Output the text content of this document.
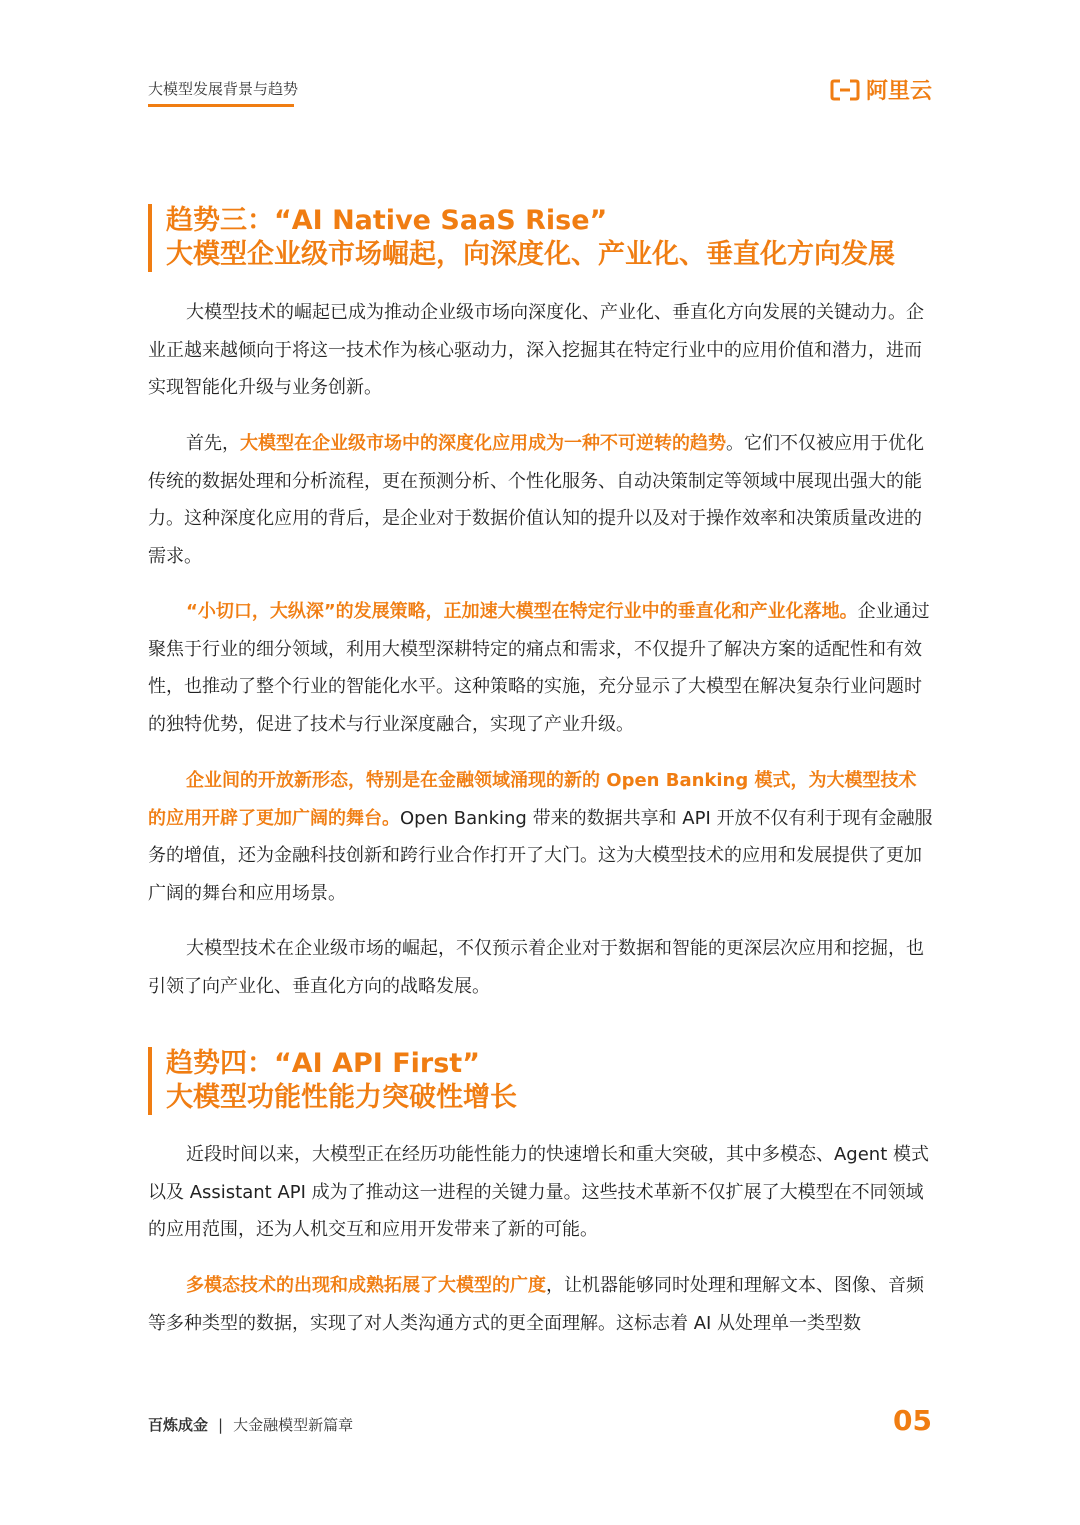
大模型发展背景与趋势	阿里云
趋势三：“AI Native SaaS Rise”
大模型企业级市场崛起，向深度化、产业化、垂直化方向发展

大模型技术的崛起已成为推动企业级市场向深度化、产业化、垂直化方向发展的关键动力。企业正越来越倾向于将这一技术作为核心驱动力，深入挖掘其在特定行业中的应用价值和潜力，进而实现智能化升级与业务创新。

首先，大模型在企业级市场中的深度化应用成为一种不可逆转的趋势。它们不仅被应用于优化传统的数据处理和分析流程，更在预测分析、个性化服务、自动决策制定等领域中展现出强大的能力。这种深度化应用的背后，是企业对于数据价值认知的提升以及对于操作效率和决策质量改进的需求。

“小切口，大纵深”的发展策略，正加速大模型在特定行业中的垂直化和产业化落地。企业通过聚焦于行业的细分领域，利用大模型深耕特定的痛点和需求，不仅提升了解决方案的适配性和有效性，也推动了整个行业的智能化水平。这种策略的实施，充分显示了大模型在解决复杂行业问题时的独特优势，促进了技术与行业深度融合，实现了产业升级。

企业间的开放新形态，特别是在金融领域涌现的新的 Open Banking 模式，为大模型技术的应用开辟了更加广阔的舞台。Open Banking 带来的数据共享和 API 开放不仅有利于现有金融服务的增值，还为金融科技创新和跨行业合作打开了大门。这为大模型技术的应用和发展提供了更加广阔的舞台和应用场景。

大模型技术在企业级市场的崛起，不仅预示着企业对于数据和智能的更深层次应用和挖掘，也引领了向产业化、垂直化方向的战略发展。

趋势四：“AI API First”
大模型功能性能力突破性增长

近段时间以来，大模型正在经历功能性能力的快速增长和重大突破，其中多模态、Agent 模式以及 Assistant API 成为了推动这一进程的关键力量。这些技术革新不仅扩展了大模型在不同领域的应用范围，还为人机交互和应用开发带来了新的可能。

多模态技术的出现和成熟拓展了大模型的广度，让机器能够同时处理和理解文本、图像、音频等多种类型的数据，实现了对人类沟通方式的更全面理解。这标志着 AI 从处理单一类型数

百炼成金 | 大金融模型新篇章	05
